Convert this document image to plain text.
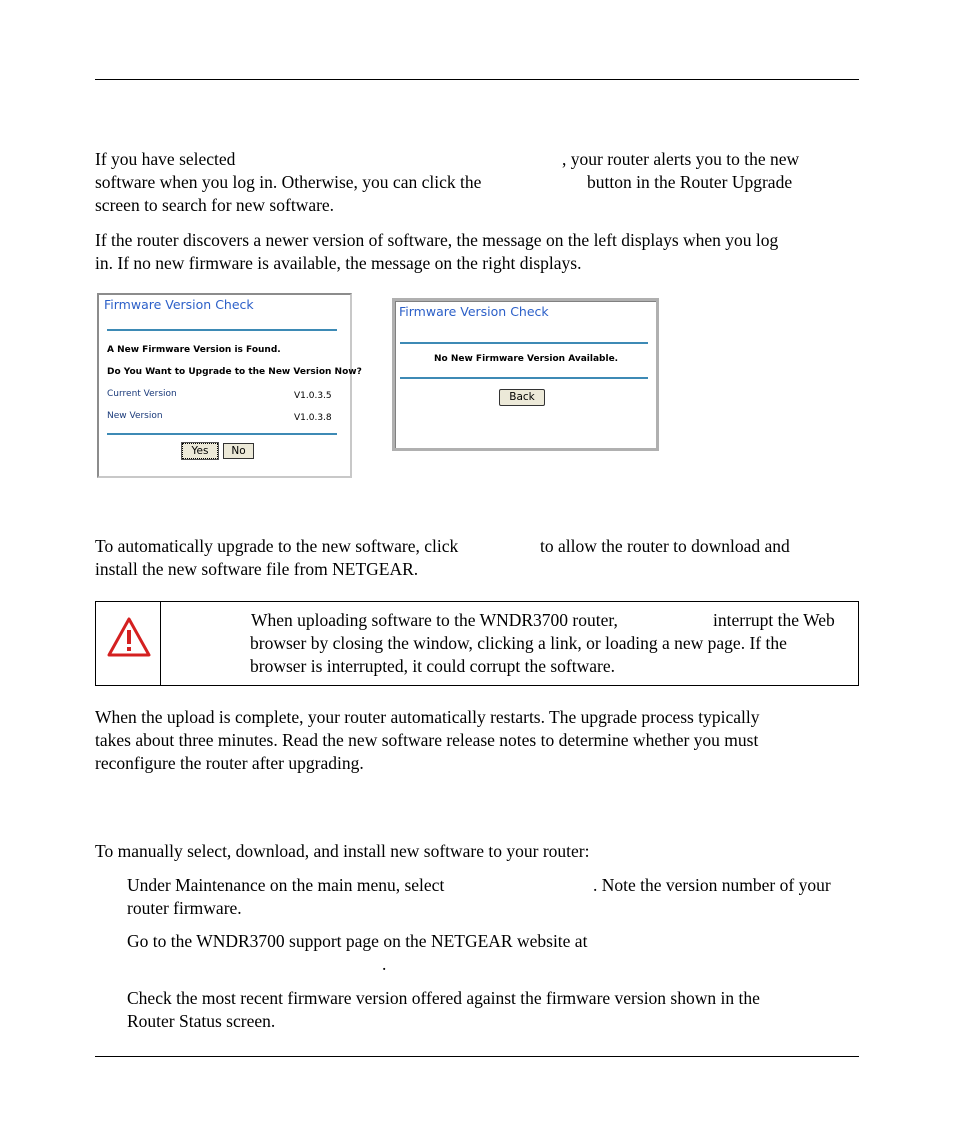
If you have selected	, your router alerts you to the new
software when you log in. Otherwise, you can click the	button in the Router Upgrade
screen to search for new software.
If the router discovers a newer version of software, the message on the left displays when you log
in. If no new firmware is available, the message on the right displays.
Firmware Version Check
A New Firmware Version is Found.
Do You Want to Upgrade to the New Version Now?
Current Version	V1.0.3.5
New Version	V1.0.3.8
Yes	No
Firmware Version Check
No New Firmware Version Available.
Back
To automatically upgrade to the new software, click	to allow the router to download and
install the new software file from NETGEAR.
When uploading software to the WNDR3700 router,	interrupt the Web
browser by closing the window, clicking a link, or loading a new page. If the
browser is interrupted, it could corrupt the software.
When the upload is complete, your router automatically restarts. The upgrade process typically
takes about three minutes. Read the new software release notes to determine whether you must
reconfigure the router after upgrading.
To manually select, download, and install new software to your router:
Under Maintenance on the main menu, select	. Note the version number of your
router firmware.
Go to the WNDR3700 support page on the NETGEAR website at
.
Check the most recent firmware version offered against the firmware version shown in the
Router Status screen.
